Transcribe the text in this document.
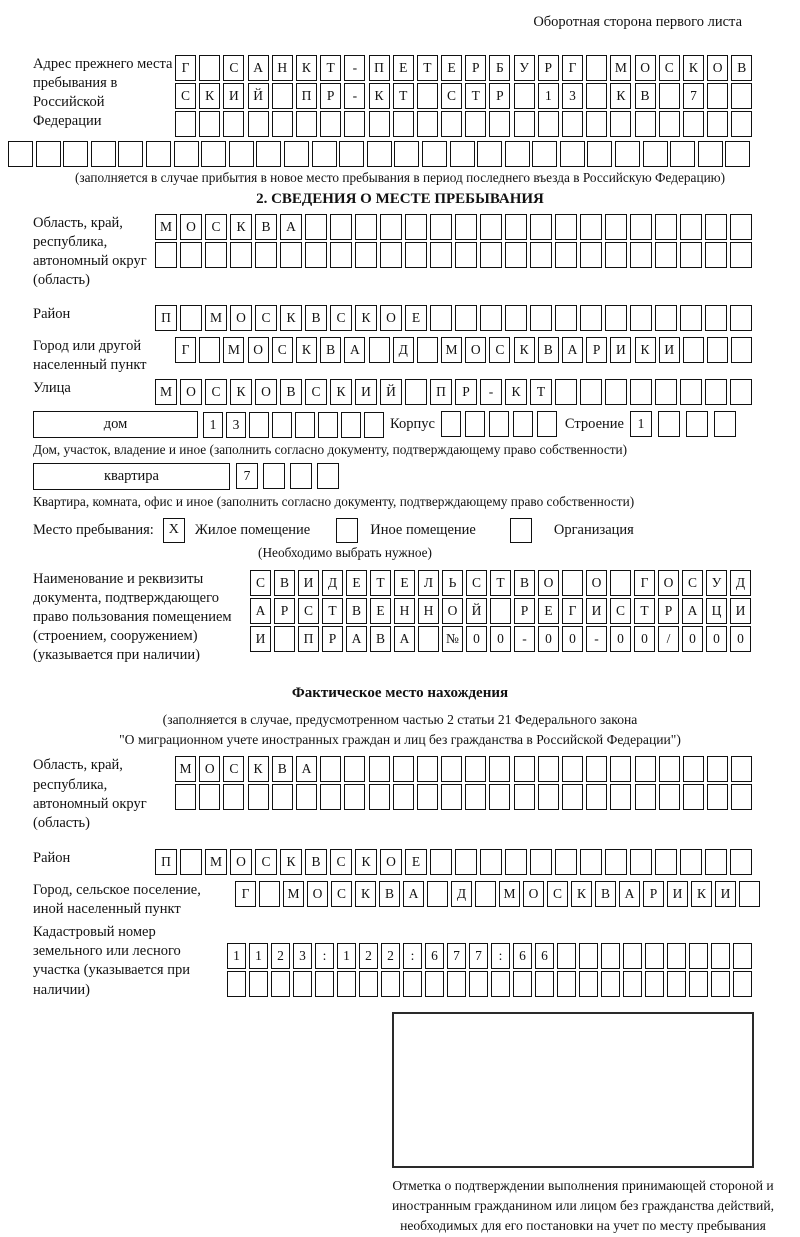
Оборотная сторона первого листа
Адрес прежнего места пребывания в Российской Федерации
Г	С	А	Н	К	Т	-	П	Е	Т	Е	Р	Б	У	Р	Г	М О	С	К	О	В
С	К	И	Й	П	Р	-	К	Т	С	Т	Р	1	3	К	В	7
(заполняется в случае прибытия в новое место пребывания в период последнего въезда в Российскую Федерацию)
2. СВЕДЕНИЯ О МЕСТЕ ПРЕБЫВАНИЯ
Область, край, республика, автономный округ (область)
М	О	С	К	В	А
Район	П	М	О	С	К	В	С	К	О	Е
Город или другой населенный пункт
Г	М О	С	К	В	А	Д	М О	С	К	В	А	Р	И	К	И
Улица	М	О	С	К	О	В	С	К	И	Й	П	Р	-	К	Т
дом	1	3	Корпус	Строение	1
Дом, участок, владение и иное (заполнить согласно документу, подтверждающему право собственности)
квартира	7
Квартира, комната, офис и иное (заполнить согласно документу, подтверждающему право собственности)
Место пребывания:	X	Жилое помещение	Иное помещение	Организация
(Необходимо выбрать нужное)
Наименование и реквизиты документа, подтверждающего право пользования помещением (строением, сооружением) (указывается при наличии)
С	В	И	Д	Е	Т	Е	Л	Ь	С	Т	В	О	О	Г	О	С	У	Д
А	Р	С	Т	В	Е	Н	Н	О	Й	Р	Е	Г	И	С	Т	Р	А	Ц	И
И	П	Р	А	В	А	№	0	0	-	0	0	-	0	0	/	0	0	0
Фактическое место нахождения
(заполняется в случае, предусмотренном частью 2 статьи 21 Федерального закона
"О миграционном учете иностранных граждан и лиц без гражданства в Российской Федерации")
Область, край, республика, автономный округ (область)
М О	С	К	В	А
Район	П	М	О	С	К	В	С	К	О	Е
Город, сельское поселение, иной населенный пункт
Г	М О	С	К	В	А	Д	М О	С	К	В	А	Р	И	К	И
Кадастровый номер земельного или лесного участка (указывается при наличии)
1	1	2	3	:	1	2	2	:	6	7	7	:	6	6
Отметка о подтверждении выполнения принимающей стороной и иностранным гражданином или лицом без гражданства действий, необходимых для его постановки на учет по месту пребывания
